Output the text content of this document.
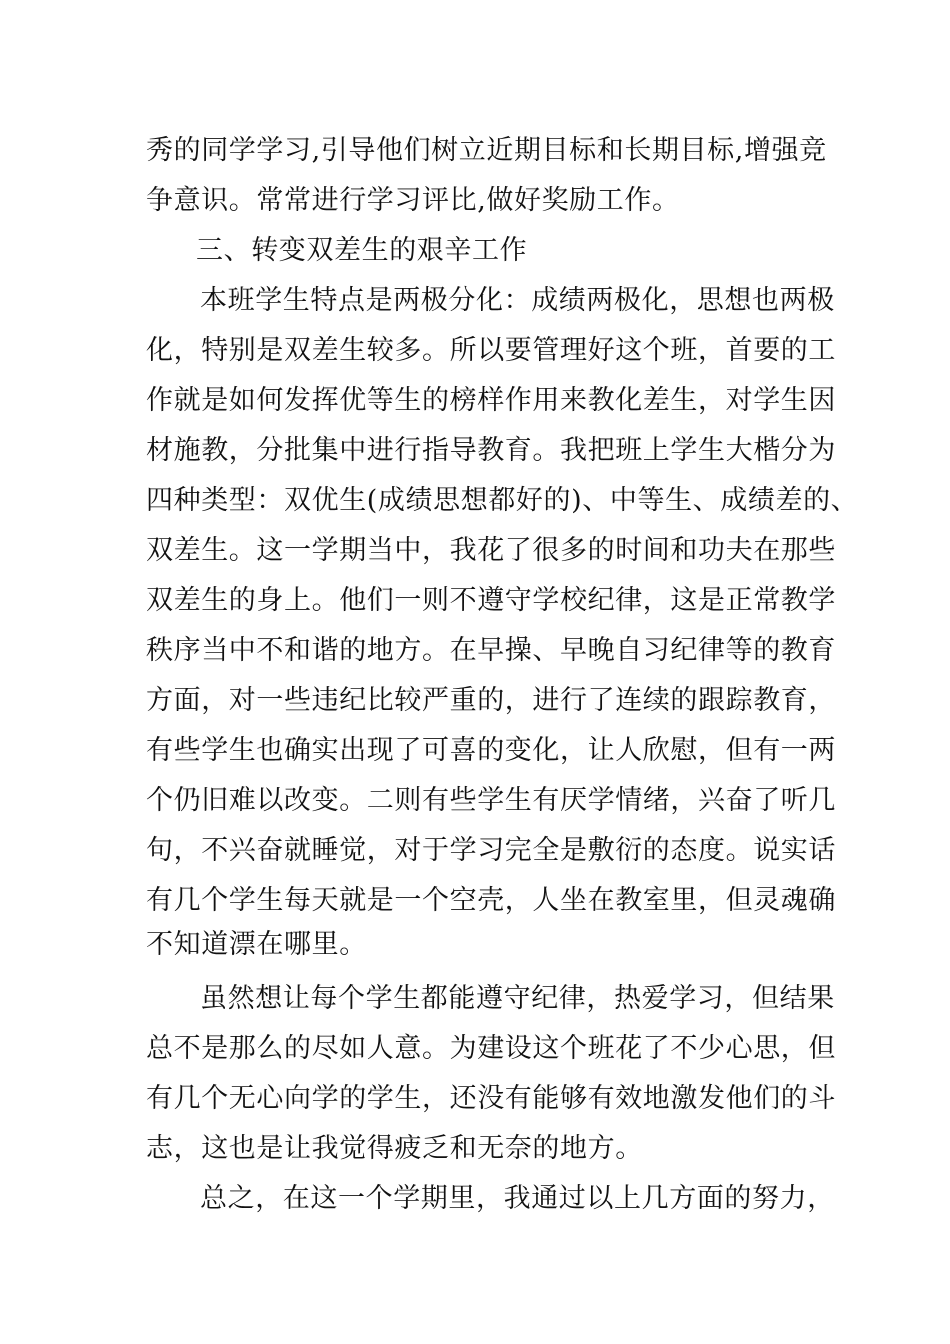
秀的同学学习,引导他们树立近期目标和长期目标,增强竞
争意识。常常进行学习评比,做好奖励工作。
三、转变双差生的艰辛工作
本班学生特点是两极分化：成绩两极化，思想也两极
化，特别是双差生较多。所以要管理好这个班，首要的工
作就是如何发挥优等生的榜样作用来教化差生，对学生因
材施教，分批集中进行指导教育。我把班上学生大楷分为
四种类型：双优生(成绩思想都好的)、中等生、成绩差的、
双差生。这一学期当中，我花了很多的时间和功夫在那些
双差生的身上。他们一则不遵守学校纪律，这是正常教学
秩序当中不和谐的地方。在早操、早晚自习纪律等的教育
方面，对一些违纪比较严重的，进行了连续的跟踪教育，
有些学生也确实出现了可喜的变化，让人欣慰，但有一两
个仍旧难以改变。二则有些学生有厌学情绪，兴奋了听几
句，不兴奋就睡觉，对于学习完全是敷衍的态度。说实话
有几个学生每天就是一个空壳，人坐在教室里，但灵魂确
不知道漂在哪里。
虽然想让每个学生都能遵守纪律，热爱学习，但结果
总不是那么的尽如人意。为建设这个班花了不少心思，但
有几个无心向学的学生，还没有能够有效地激发他们的斗
志，这也是让我觉得疲乏和无奈的地方。
总之，在这一个学期里，我通过以上几方面的努力，
